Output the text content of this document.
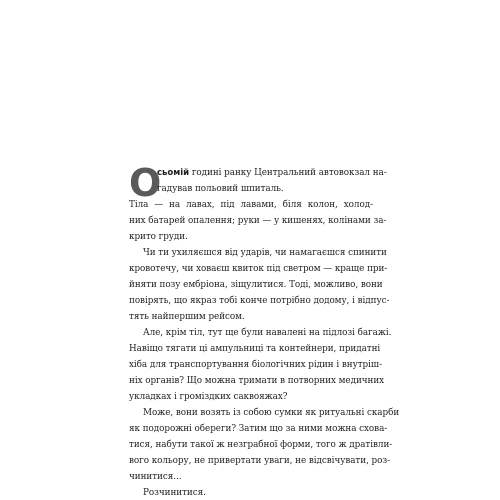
О
сьомій годині ранку Центральний автовокзал на-
гадував польовий шпиталь.
Тіла — на лавах, під лавами, біля колон, холод-
них батарей опалення; руки — у кишенях, колінами за-
крито груди.
Чи ти ухиляєшся від ударів, чи намагаєшся спинити
кровотечу, чи ховаєш квиток під светром — краще при-
йняти позу ембріона, зіщулитися. Тоді, можливо, вони
повірять, що якраз тобі конче потрібно додому, і відпус-
тять найпершим рейсом.
Але, крім тіл, тут ще були навалені на підлозі багажі.
Навіщо тягати ці ампульниці та контейнери, придатні
хіба для транспортування біологічних рідин і внутріш-
ніх органів? Що можна тримати в потворних медичних
укладках і громіздких саквояжах?
Може, вони возять із собою сумки як ритуальні скарби
як подорожні обереги? Затим що за ними можна схова-
тися, набути такої ж незграбної форми, того ж дратівли-
вого кольору, не привертати уваги, не відсвічувати, роз-
чинитися...
Розчинитися.
